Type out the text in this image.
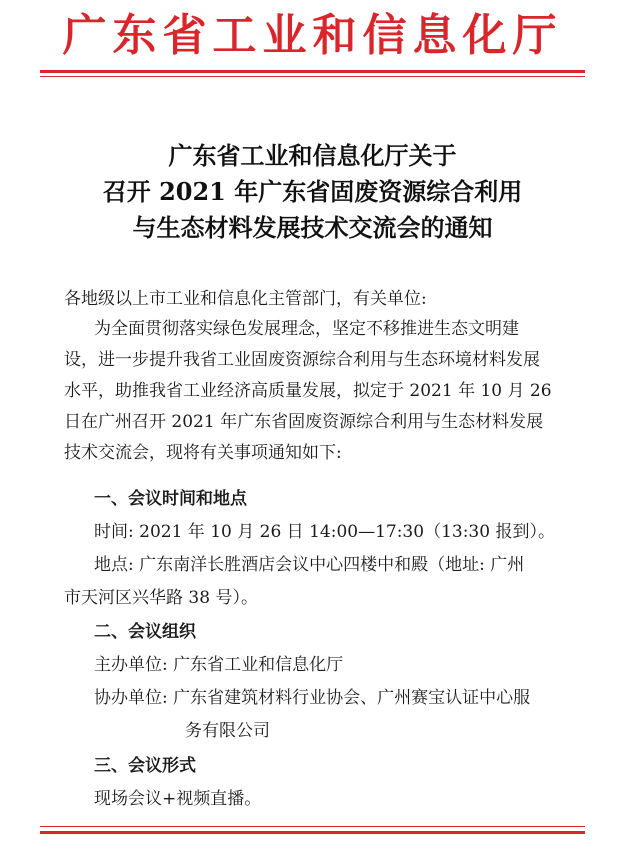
广东省工业和信息化厅
广东省工业和信息化厅关于
召开 2021 年广东省固废资源综合利用
与生态材料发展技术交流会的通知
各地级以上市工业和信息化主管部门，有关单位:
为全面贯彻落实绿色发展理念，坚定不移推进生态文明建
设，进一步提升我省工业固废资源综合利用与生态环境材料发展
水平，助推我省工业经济高质量发展，拟定于 2021 年 10 月 26
日在广州召开 2021 年广东省固废资源综合利用与生态材料发展
技术交流会，现将有关事项通知如下:
一、会议时间和地点
时间: 2021 年 10 月 26 日 14:00—17:30（13:30 报到）。
地点: 广东南洋长胜酒店会议中心四楼中和殿（地址: 广州
市天河区兴华路 38 号）。
二、会议组织
主办单位: 广东省工业和信息化厅
协办单位: 广东省建筑材料行业协会、广州赛宝认证中心服
务有限公司
三、会议形式
现场会议+视频直播。
